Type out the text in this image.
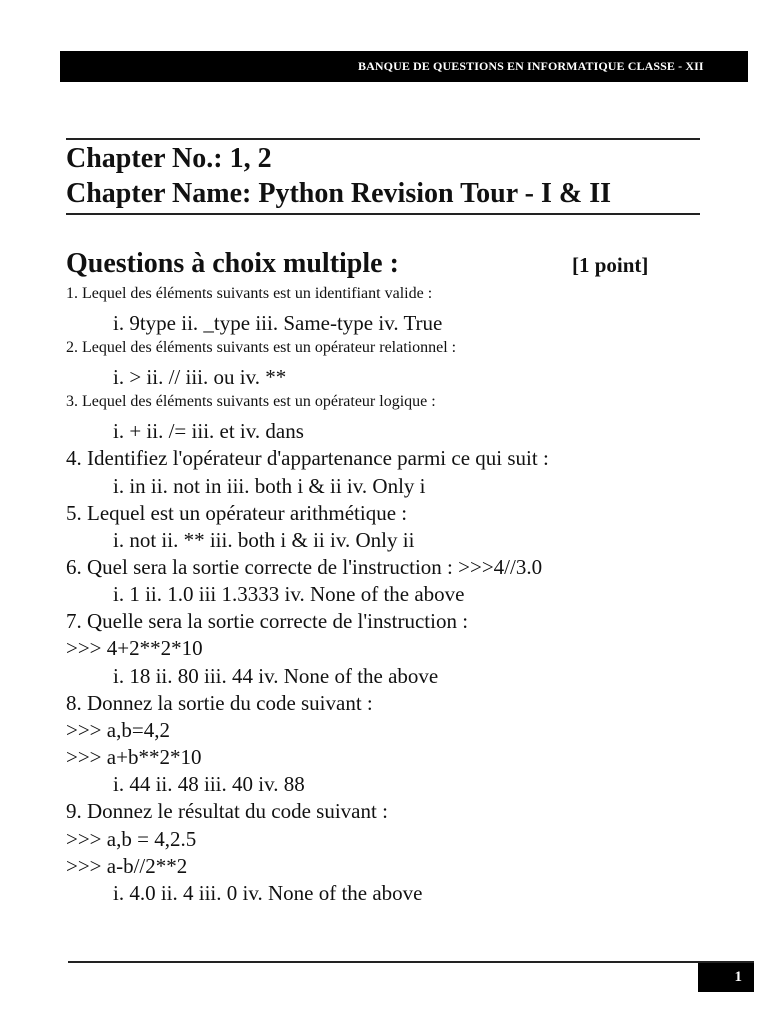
BANQUE DE QUESTIONS EN INFORMATIQUE CLASSE - XII
Chapter No.: 1, 2
Chapter Name: Python Revision Tour - I & II
Questions à choix multiple :	[1 point]
1. Lequel des éléments suivants est un identifiant valide :
i. 9type ii. _type iii. Same-type iv. True
2. Lequel des éléments suivants est un opérateur relationnel :
i. > ii. // iii. ou iv. **
3. Lequel des éléments suivants est un opérateur logique :
i. + ii. /= iii. et iv. dans
4. Identifiez l'opérateur d'appartenance parmi ce qui suit :
i. in ii. not in iii. both i & ii iv. Only i
5. Lequel est un opérateur arithmétique :
i. not ii. ** iii. both i & ii iv. Only ii
6. Quel sera la sortie correcte de l'instruction : >>>4//3.0
i. 1 ii. 1.0 iii 1.3333 iv. None of the above
7. Quelle sera la sortie correcte de l'instruction :
>>> 4+2**2*10
i. 18 ii. 80 iii. 44 iv. None of the above
8. Donnez la sortie du code suivant :
>>> a,b=4,2
>>> a+b**2*10
i. 44 ii. 48 iii. 40 iv. 88
9. Donnez le résultat du code suivant :
>>> a,b = 4,2.5
>>> a-b//2**2
i. 4.0 ii. 4 iii. 0 iv. None of the above
1
